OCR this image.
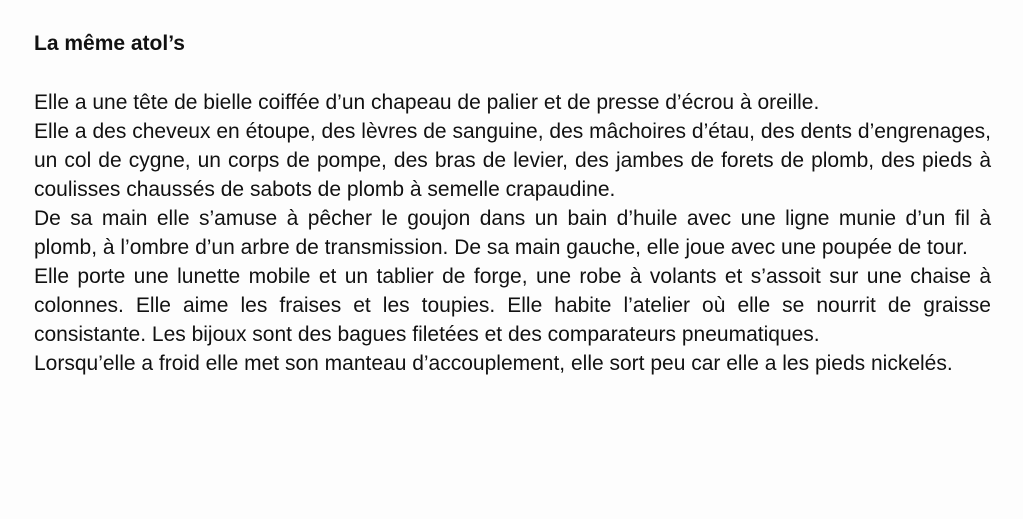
La même atol’s

Elle a une tête de bielle coiffée d’un chapeau de palier et de presse d’écrou à oreille.

Elle a des cheveux en étoupe, des lèvres de sanguine, des mâchoires d’étau, des dents d’engrenages, un col de cygne, un corps de pompe, des bras de levier, des jambes de forets de plomb, des pieds à coulisses chaussés de sabots de plomb à semelle crapaudine.

De sa main elle s’amuse à pêcher le goujon dans un bain d’huile avec une ligne munie d’un fil à plomb, à l’ombre d’un arbre de transmission. De sa main gauche, elle joue avec une poupée de tour.

Elle porte une lunette mobile et un tablier de forge, une robe à volants et s’assoit sur une chaise à colonnes. Elle aime les fraises et les toupies. Elle habite l’atelier où elle se nourrit de graisse consistante. Les bijoux sont des bagues filetées et des comparateurs pneumatiques.

Lorsqu’elle a froid elle met son manteau d’accouplement, elle sort peu car elle a les pieds nickelés.
